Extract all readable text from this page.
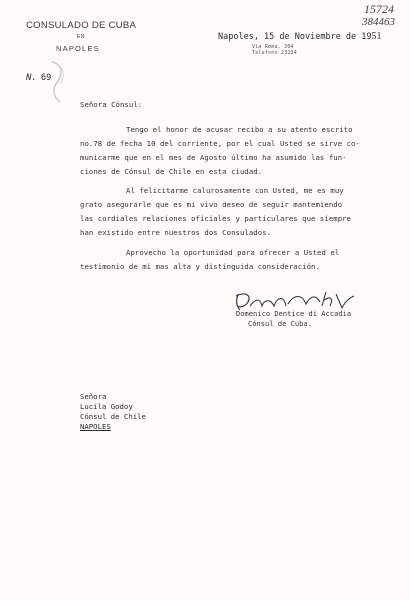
CONSULADO DE CUBA
EN
NAPOLES
Napoles, 15 de Noviembre de 1951
Via Roma, 304
Telefono 23234
15724
384463
N. 69
Señora Cónsul:
Tengo el honor de acusar recibo a su atento escrito
no.78 de fecha 10 del corriente, por el cual Usted se sirve co-
municarme que en el mes de Agosto último ha asumido las fun-
ciones de Cónsul de Chile en esta ciudad.
Al felicitarme calurosamente con Usted, me es muy
grato asegurarle que es mi vivo deseo de seguir mantemiendo
las cordiales relaciones oficiales y particulares que siempre
han existido entre nuestros dos Consulados.
Aprovecho la oportunidad para ofrecer a Usted el
testimonio de mi mas alta y distinguida consideración.
Domenico Dentice di Accadia
Cónsul de Cuba.
Señora
Lucila Godoy
Cónsul de Chile
NAPOLES
